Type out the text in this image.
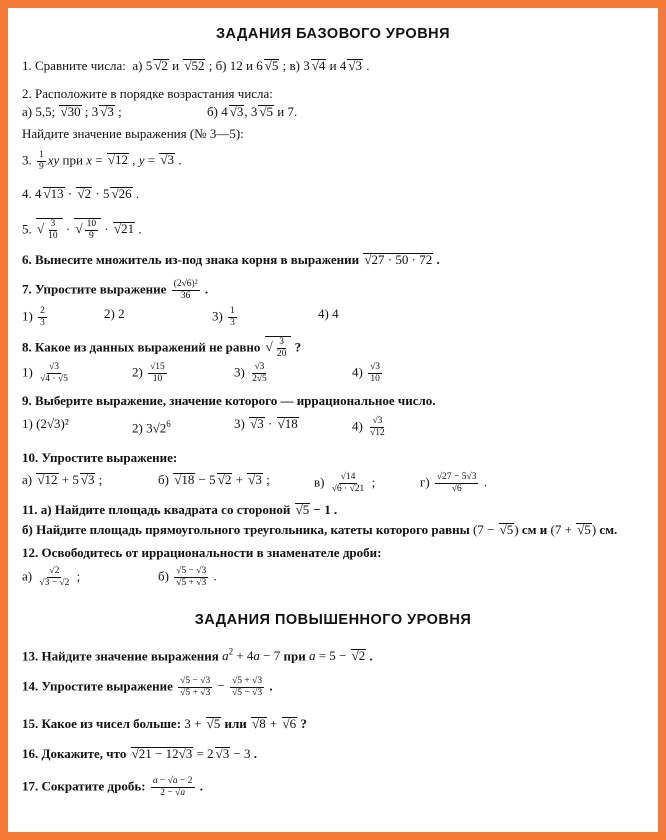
ЗАДАНИЯ БАЗОВОГО УРОВНЯ
1. Сравните числа:  а) 5 √ 2 и √ 52 ; б) 12 и 6 √ 5 ; в) 3 √ 4 и 4 √ 3 .
2. Расположите в порядке возрастания числа:
а) 5,5; √ 30 ; 3 √ 3 ;	б) 4 √ 3, 3 √ 5 и 7.
Найдите значение выражения (№ 3—5):
3. $\frac{1}{9}$ xy при x = √ 12 , y = √ 3 .
4. 4 √ 13 · √ 2 · 5 √ 26 .
5. √ $\frac{3}{10}$ · √ $\frac{10}{9}$ · √ 21 .
6. Вынесите множитель из-под знака корня в выражении √ 27 · 50 · 72 .
7. Упростите выражение $\frac{\text{(2√6)²}}{36}$ .
$1) \frac{2}{3}$	2) 2	$3) \frac{1}{3}$	4) 4
8. Какое из данных выражений не равно √ $\frac{3}{20}$ ?
$1) \frac{√3}{√4 \cdot √5}$	$2) \frac{√15}{10}$	$3) \frac{√3}{2√5}$	$4) \frac{√3}{10}$
9. Выберите выражение, значение которого — иррациональное число.
1) (2√3)²	2) $3√2^6$	3) √ 3 · √ 18	$4) \frac{√3}{√12}$
10. Упростите выражение:
а) √ 12 + 5 √ 3 ;	б) √ 18 − 5 √ 2 + √ 3 ;	$в) \frac{√14}{√6 \cdot √21}$ ;	$г) \frac{√27 - 5√3}{√6}$ .
11. а) Найдите площадь квадрата со стороной √ 5 − 1 .
б) Найдите площадь прямоугольного треугольника, катеты которого равны (7 − √ 5) см и (7 + √ 5) см.
12. Освободитесь от иррациональности в знаменателе дроби:
$а) \frac{√2}{√3 - √2}$ ;	$б) \frac{√5 - √3}{√5 + √3}$ .
ЗАДАНИЯ ПОВЫШЕННОГО УРОВНЯ
13. Найдите значение выражения $a^2 + 4a - 7$ при a = 5 − √ 2 .
14. Упростите выражение $\frac{√5 - √3}{√5 + √3} - \frac{√5 + √3}{√5 - √3}$ .
15. Какое из чисел больше: 3 + √ 5 или √ 8 + √ 6 ?
16. Докажите, что √ 21 − 12√3 = 2 √ 3 − 3 .
17. Сократите дробь: $\frac{a - √a - 2}{2 - √a}$ .
